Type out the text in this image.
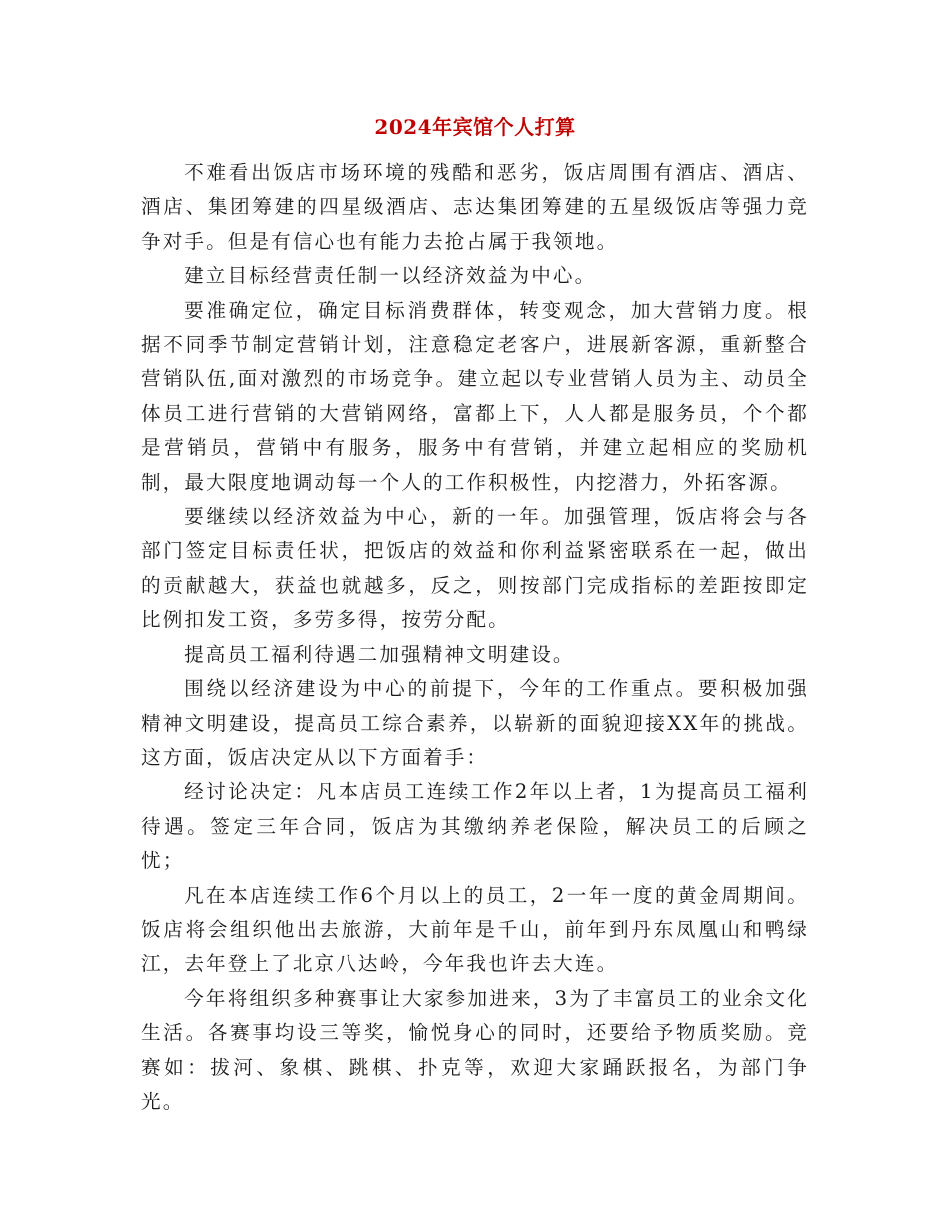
2024年宾馆个人打算

不难看出饭店市场环境的残酷和恶劣，饭店周围有酒店、酒店、酒店、集团筹建的四星级酒店、志达集团筹建的五星级饭店等强力竞争对手。但是有信心也有能力去抢占属于我领地。

建立目标经营责任制一以经济效益为中心。

要准确定位，确定目标消费群体，转变观念，加大营销力度。根据不同季节制定营销计划，注意稳定老客户，进展新客源，重新整合营销队伍,面对激烈的市场竞争。建立起以专业营销人员为主、动员全体员工进行营销的大营销网络，富都上下，人人都是服务员，个个都是营销员，营销中有服务，服务中有营销，并建立起相应的奖励机制，最大限度地调动每一个人的工作积极性，内挖潜力，外拓客源。

要继续以经济效益为中心，新的一年。加强管理，饭店将会与各部门签定目标责任状，把饭店的效益和你利益紧密联系在一起，做出的贡献越大，获益也就越多，反之，则按部门完成指标的差距按即定比例扣发工资，多劳多得，按劳分配。

提高员工福利待遇二加强精神文明建设。

围绕以经济建设为中心的前提下，今年的工作重点。要积极加强精神文明建设，提高员工综合素养，以崭新的面貌迎接XX年的挑战。这方面，饭店决定从以下方面着手：

经讨论决定：凡本店员工连续工作2年以上者，1为提高员工福利待遇。签定三年合同，饭店为其缴纳养老保险，解决员工的后顾之忧；

凡在本店连续工作6个月以上的员工，2一年一度的黄金周期间。饭店将会组织他出去旅游，大前年是千山，前年到丹东凤凰山和鸭绿江，去年登上了北京八达岭，今年我也许去大连。

今年将组织多种赛事让大家参加进来，3为了丰富员工的业余文化生活。各赛事均设三等奖，愉悦身心的同时，还要给予物质奖励。竞赛如：拔河、象棋、跳棋、扑克等，欢迎大家踊跃报名，为部门争光。
